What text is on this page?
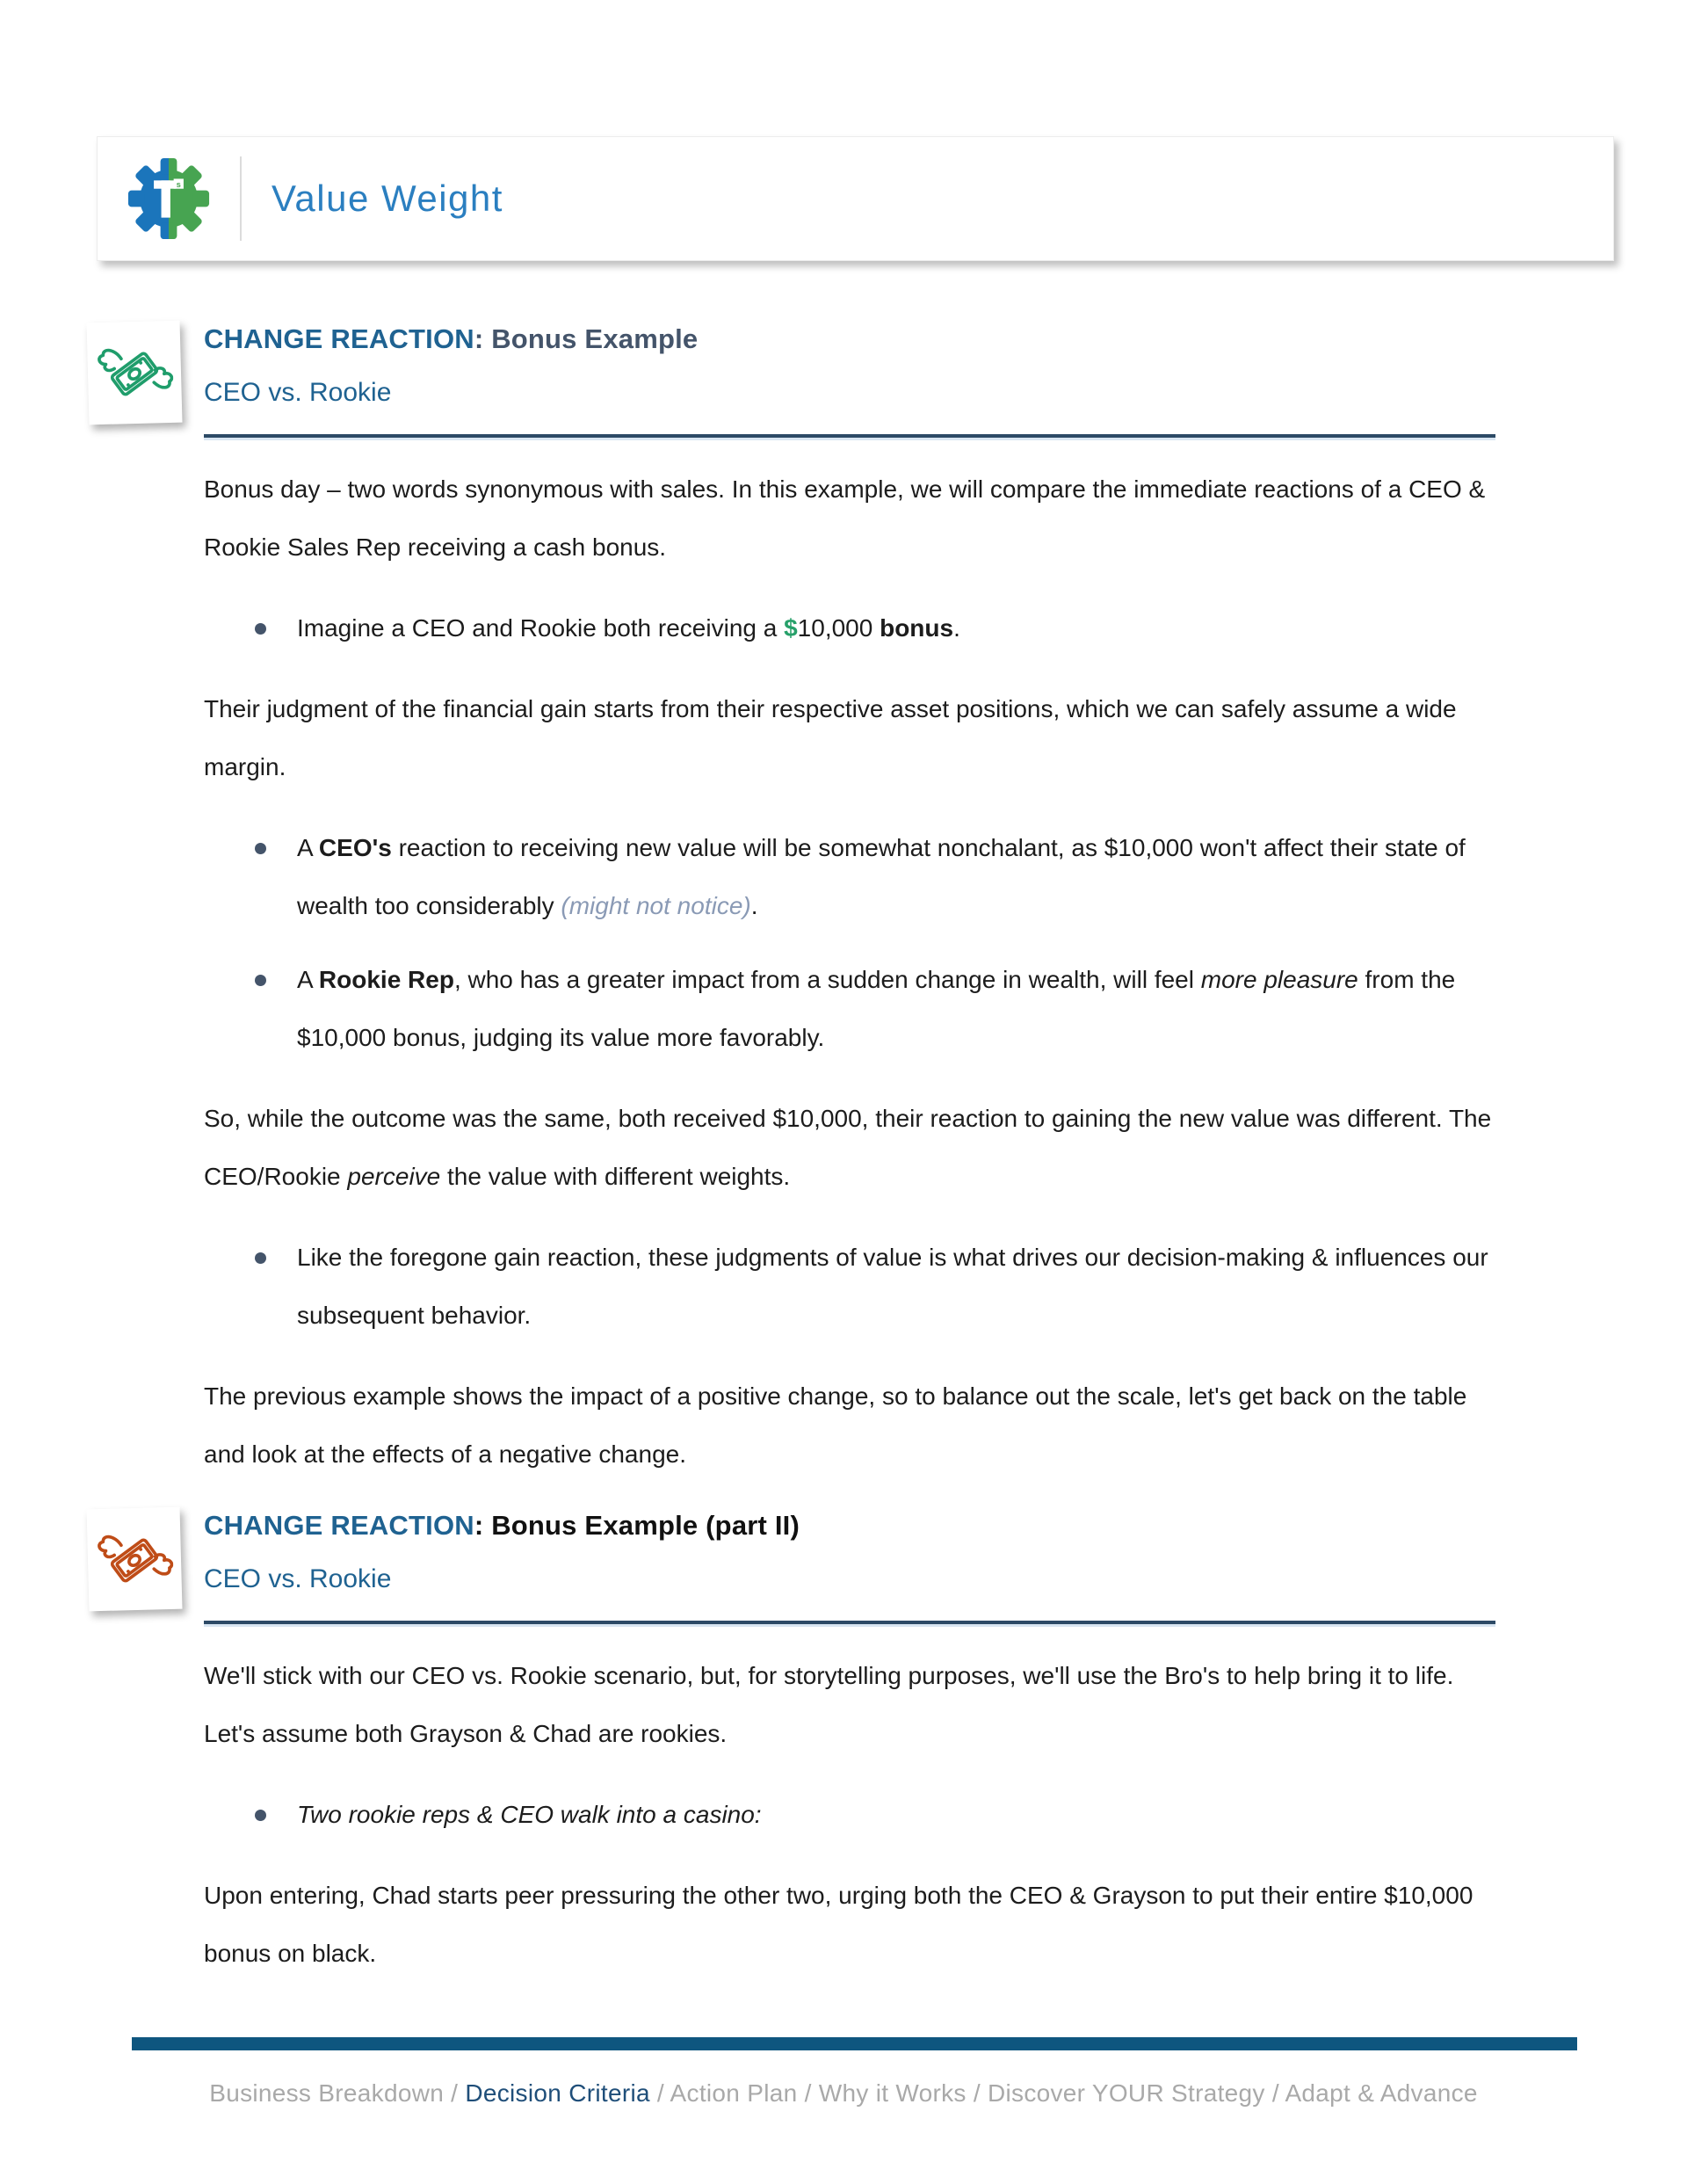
s Value Weight
CHANGE REACTION: Bonus Example
CEO vs. Rookie
Bonus day – two words synonymous with sales. In this example, we will compare the immediate reactions of a CEO & Rookie Sales Rep receiving a cash bonus.
Imagine a CEO and Rookie both receiving a $10,000 bonus.
Their judgment of the financial gain starts from their respective asset positions, which we can safely assume a wide margin.
A CEO's reaction to receiving new value will be somewhat nonchalant, as $10,000 won't affect their state of wealth too considerably (might not notice).
A Rookie Rep, who has a greater impact from a sudden change in wealth, will feel more pleasure from the $10,000 bonus, judging its value more favorably.
So, while the outcome was the same, both received $10,000, their reaction to gaining the new value was different. The CEO/Rookie perceive the value with different weights.
Like the foregone gain reaction, these judgments of value is what drives our decision-making & influences our subsequent behavior.
The previous example shows the impact of a positive change, so to balance out the scale, let's get back on the table and look at the effects of a negative change.
CHANGE REACTION: Bonus Example (part II)
CEO vs. Rookie
We'll stick with our CEO vs. Rookie scenario, but, for storytelling purposes, we'll use the Bro's to help bring it to life. Let's assume both Grayson & Chad are rookies.
Two rookie reps & CEO walk into a casino:
Upon entering, Chad starts peer pressuring the other two, urging both the CEO & Grayson to put their entire $10,000 bonus on black.
Business Breakdown / Decision Criteria / Action Plan / Why it Works / Discover YOUR Strategy / Adapt & Advance
